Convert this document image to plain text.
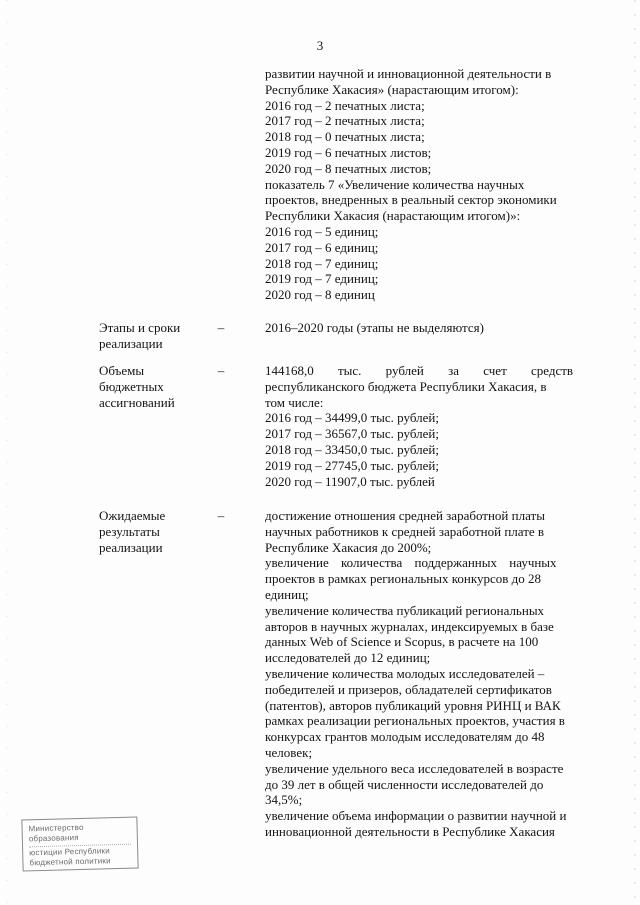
3
развитии научной и инновационной деятельности в
Республике Хакасия» (нарастающим итогом):
2016 год – 2 печатных листа;
2017 год – 2 печатных листа;
2018 год – 0 печатных листа;
2019 год – 6 печатных листов;
2020 год – 8 печатных листов;
показатель 7 «Увеличение количества научных
проектов, внедренных в реальный сектор экономики
Республики Хакасия (нарастающим итогом)»:
2016 год – 5 единиц;
2017 год – 6 единиц;
2018 год – 7 единиц;
2019 год – 7 единиц;
2020 год – 8 единиц
Этапы и сроки
реализации
–	2016–2020 годы (этапы не выделяются)
Объемы
бюджетных
ассигнований
–	144168,0 тыс. рублей за счет средств
республиканского бюджета Республики Хакасия, в
том числе:
2016 год – 34499,0 тыс. рублей;
2017 год – 36567,0 тыс. рублей;
2018 год – 33450,0 тыс. рублей;
2019 год – 27745,0 тыс. рублей;
2020 год – 11907,0 тыс. рублей
Ожидаемые
результаты
реализации
–	достижение отношения средней заработной платы
научных работников к средней заработной плате в
Республике Хакасия до 200%;
увеличение количества поддержанных научных
проектов в рамках региональных конкурсов до 28
единиц;
увеличение количества публикаций региональных
авторов в научных журналах, индексируемых в базе
данных Web of Science и Scopus, в расчете на 100
исследователей до 12 единиц;
увеличение количества молодых исследователей –
победителей и призеров, обладателей сертификатов
(патентов), авторов публикаций уровня РИНЦ и ВАК
рамках реализации региональных проектов, участия в
конкурсах грантов молодым исследователям до 48
человек;
увеличение удельного веса исследователей в возрасте
до 39 лет в общей численности исследователей до
34,5%;
увеличение объема информации о развитии научной и
инновационной деятельности в Республике Хакасия
Министерство образования
юстиции Республики
бюджетной политики
